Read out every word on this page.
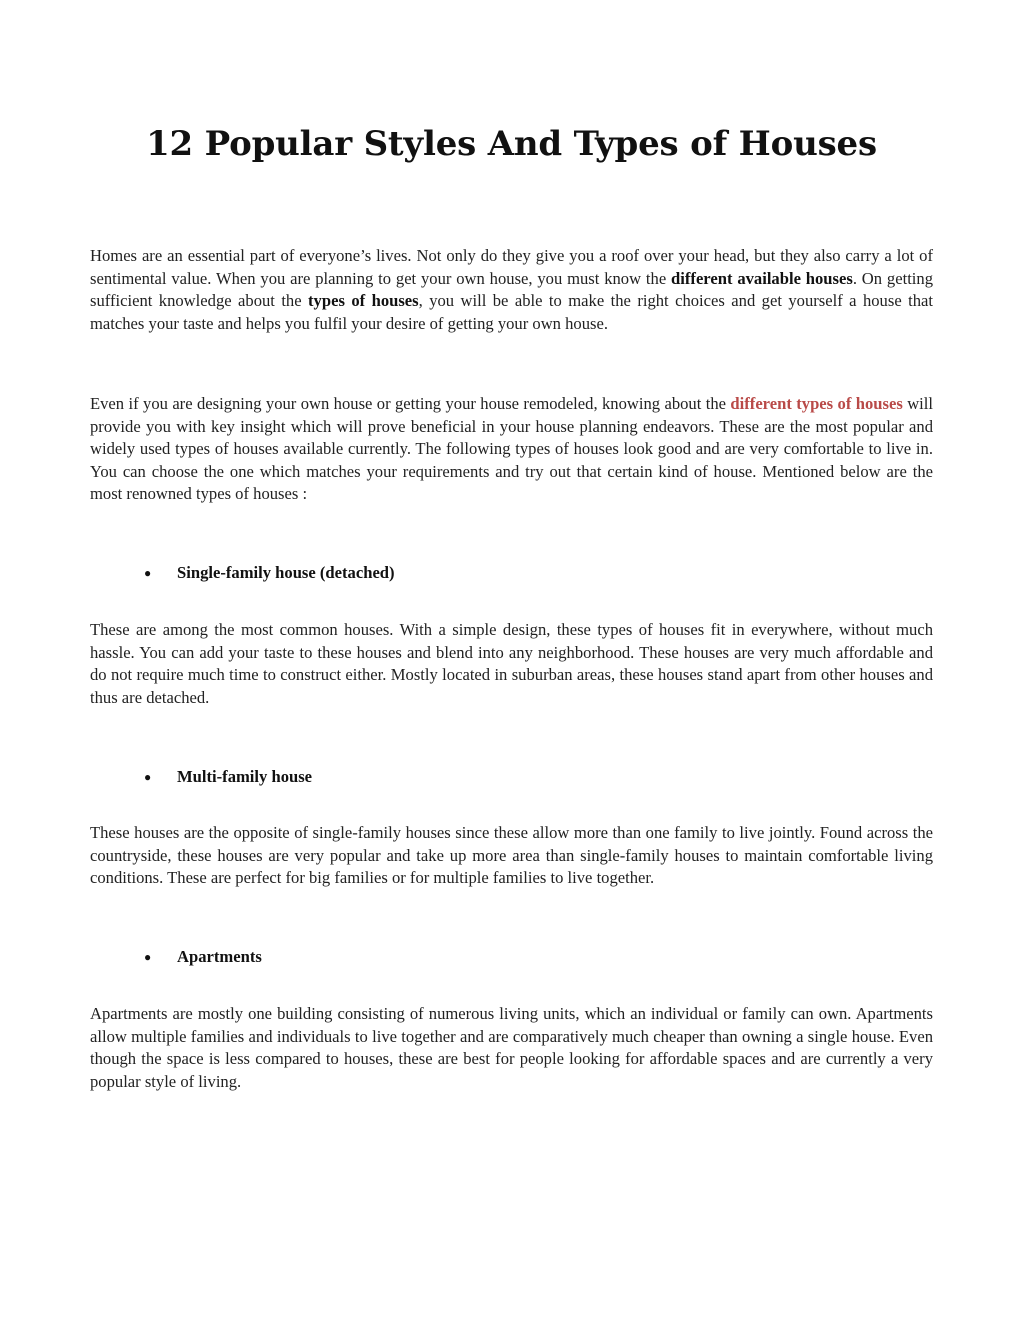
12 Popular Styles And Types of Houses

Homes are an essential part of everyone’s lives. Not only do they give you a roof over your head, but they also carry a lot of sentimental value. When you are planning to get your own house, you must know the different available houses. On getting sufficient knowledge about the types of houses, you will be able to make the right choices and get yourself a house that matches your taste and helps you fulfil your desire of getting your own house.

Even if you are designing your own house or getting your house remodeled, knowing about the different types of houses will provide you with key insight which will prove beneficial in your house planning endeavors. These are the most popular and widely used types of houses available currently. The following types of houses look good and are very comfortable to live in. You can choose the one which matches your requirements and try out that certain kind of house. Mentioned below are the most renowned types of houses :

● Single-family house (detached)

These are among the most common houses. With a simple design, these types of houses fit in everywhere, without much hassle. You can add your taste to these houses and blend into any neighborhood. These houses are very much affordable and do not require much time to construct either. Mostly located in suburban areas, these houses stand apart from other houses and thus are detached.

● Multi-family house

These houses are the opposite of single-family houses since these allow more than one family to live jointly. Found across the countryside, these houses are very popular and take up more area than single-family houses to maintain comfortable living conditions. These are perfect for big families or for multiple families to live together.

● Apartments

Apartments are mostly one building consisting of numerous living units, which an individual or family can own. Apartments allow multiple families and individuals to live together and are comparatively much cheaper than owning a single house. Even though the space is less compared to houses, these are best for people looking for affordable spaces and are currently a very popular style of living.
